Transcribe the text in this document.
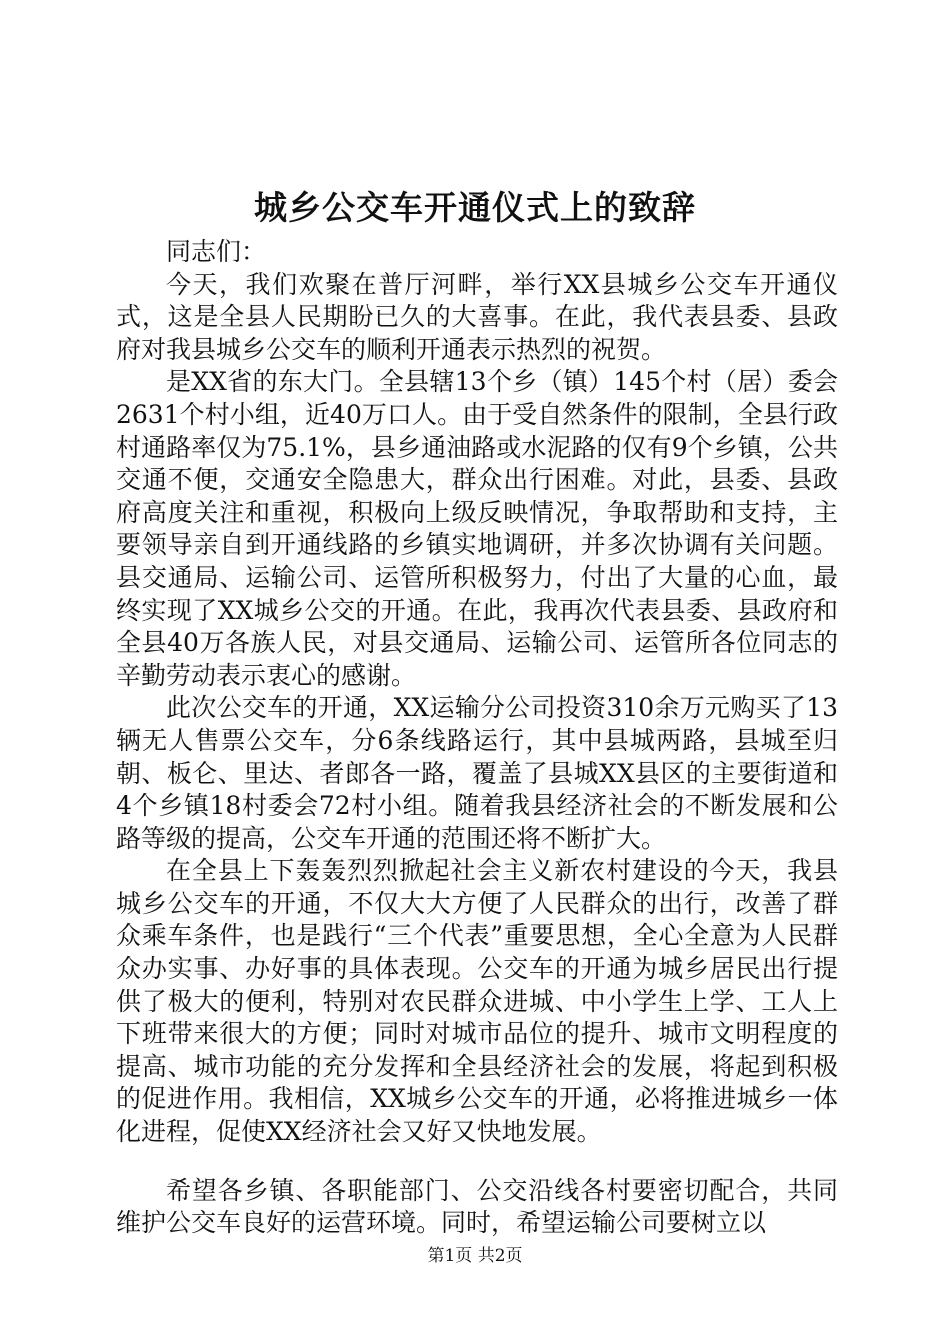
城乡公交车开通仪式上的致辞

同志们：

今天，我们欢聚在普厅河畔，举行XX县城乡公交车开通仪式，这是全县人民期盼已久的大喜事。在此，我代表县委、县政府对我县城乡公交车的顺利开通表示热烈的祝贺。

是XX省的东大门。全县辖13个乡（镇）145个村（居）委会2631个村小组，近40万口人。由于受自然条件的限制，全县行政村通路率仅为75.1%，县乡通油路或水泥路的仅有9个乡镇，公共交通不便，交通安全隐患大，群众出行困难。对此，县委、县政府高度关注和重视，积极向上级反映情况，争取帮助和支持，主要领导亲自到开通线路的乡镇实地调研，并多次协调有关问题。县交通局、运输公司、运管所积极努力，付出了大量的心血，最终实现了XX城乡公交的开通。在此，我再次代表县委、县政府和全县40万各族人民，对县交通局、运输公司、运管所各位同志的辛勤劳动表示衷心的感谢。

此次公交车的开通，XX运输分公司投资310余万元购买了13辆无人售票公交车，分6条线路运行，其中县城两路，县城至归朝、板仑、里达、者郎各一路，覆盖了县城XX县区的主要街道和4个乡镇18村委会72村小组。随着我县经济社会的不断发展和公路等级的提高，公交车开通的范围还将不断扩大。

在全县上下轰轰烈烈掀起社会主义新农村建设的今天，我县城乡公交车的开通，不仅大大方便了人民群众的出行，改善了群众乘车条件，也是践行“三个代表”重要思想，全心全意为人民群众办实事、办好事的具体表现。公交车的开通为城乡居民出行提供了极大的便利，特别对农民群众进城、中小学生上学、工人上下班带来很大的方便；同时对城市品位的提升、城市文明程度的提高、城市功能的充分发挥和全县经济社会的发展，将起到积极的促进作用。我相信，XX城乡公交车的开通，必将推进城乡一体化进程，促使XX经济社会又好又快地发展。

希望各乡镇、各职能部门、公交沿线各村要密切配合，共同维护公交车良好的运营环境。同时，希望运输公司要树立以

第1页 共2页
